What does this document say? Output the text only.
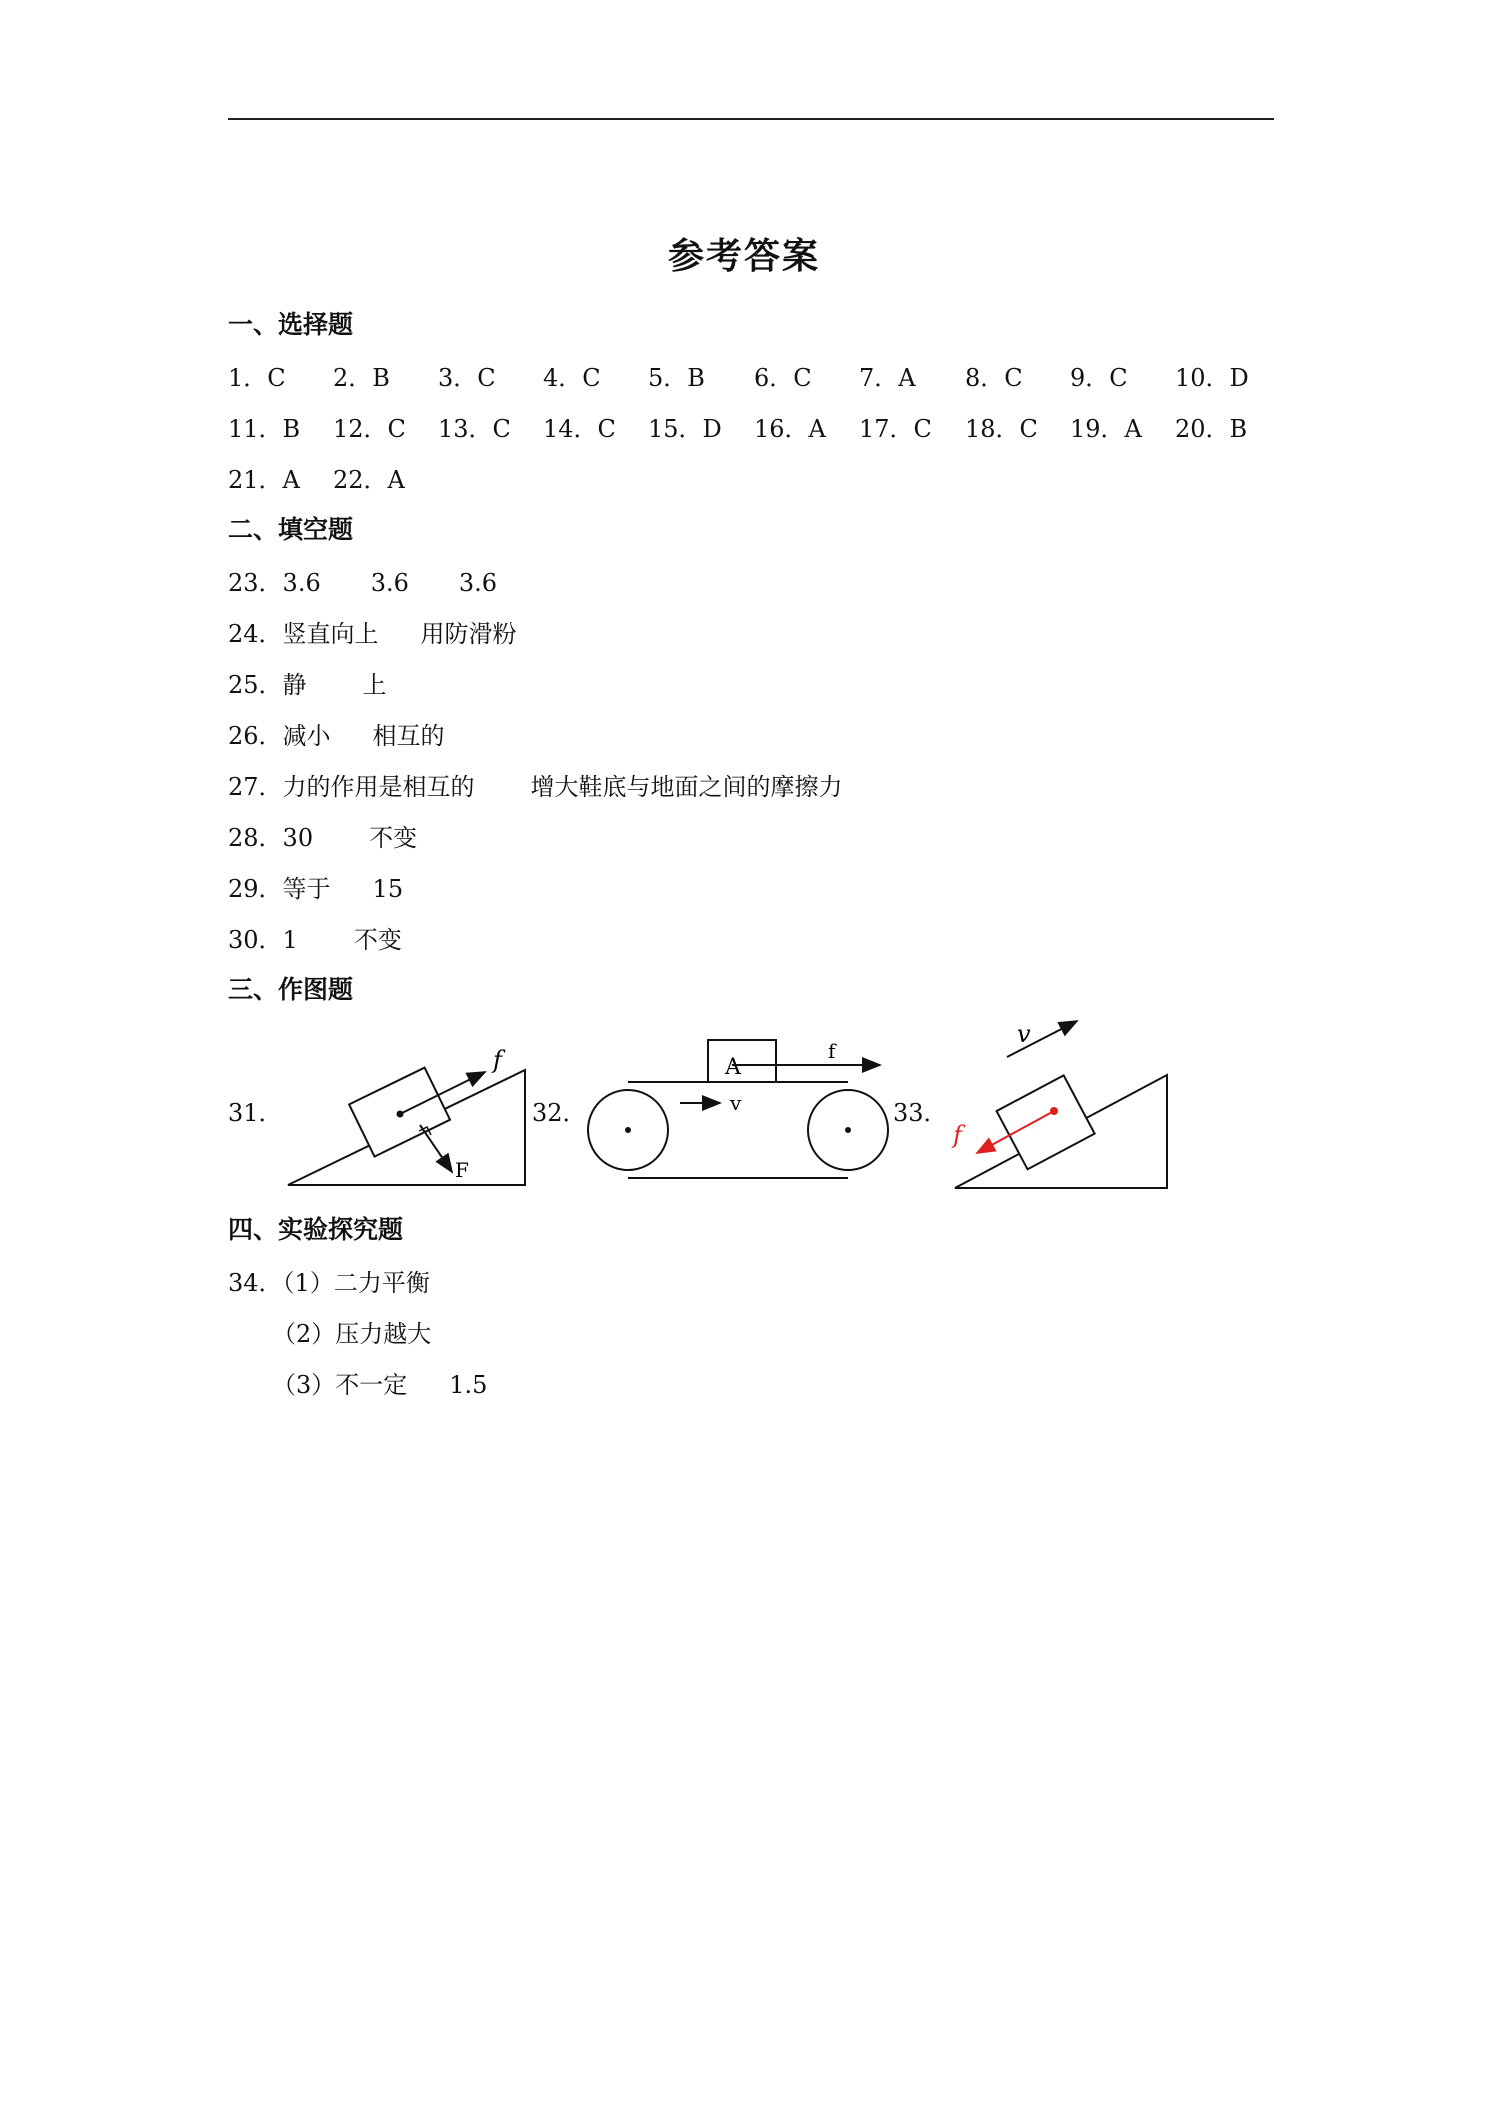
参考答案
一、选择题
1．C 2．B 3．C 4．C 5．B 6．C 7．A 8．C 9．C 10．D
11．B 12．C 13．C 14．C 15．D 16．A 17．C 18．C 19．A 20．B
21．A 22．A
二、填空题
23．3.6 3.6 3.6
24．竖直向上 用防滑粉
25．静 上
26．减小 相互的
27．力的作用是相互的 增大鞋底与地面之间的摩擦力
28．30 不变
29．等于 15
30．1 不变
三、作图题
31．
f
F
32．
A
f
v	33．
v
f
四、实验探究题
34．（1）二力平衡
（2）压力越大
（3）不一定 1.5
